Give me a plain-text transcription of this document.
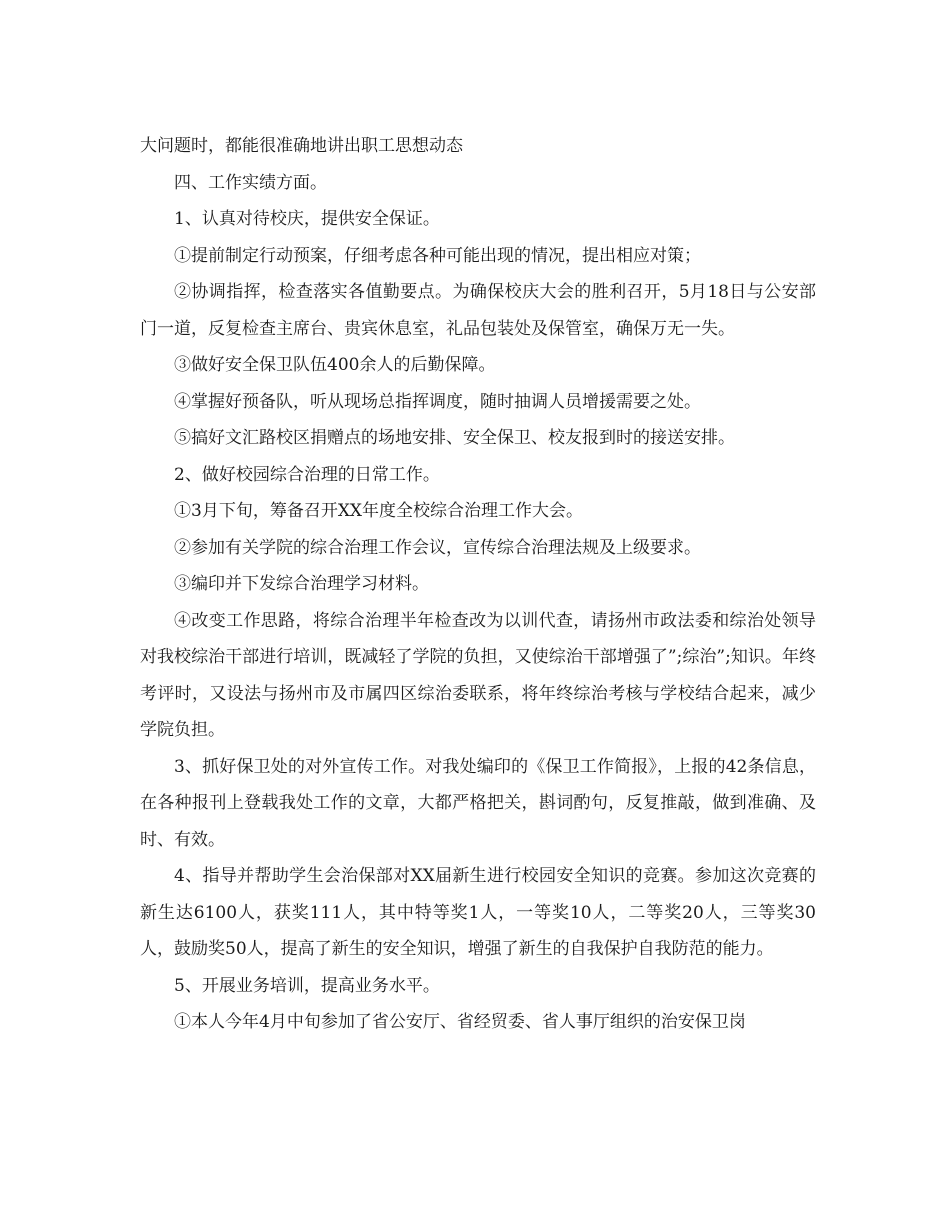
大问题时，都能很准确地讲出职工思想动态

四、工作实绩方面。

1、认真对待校庆，提供安全保证。

①提前制定行动预案，仔细考虑各种可能出现的情况，提出相应对策；

②协调指挥，检查落实各值勤要点。为确保校庆大会的胜利召开，5月18日与公安部门一道，反复检查主席台、贵宾休息室，礼品包装处及保管室，确保万无一失。

③做好安全保卫队伍400余人的后勤保障。

④掌握好预备队，听从现场总指挥调度，随时抽调人员增援需要之处。

⑤搞好文汇路校区捐赠点的场地安排、安全保卫、校友报到时的接送安排。

2、做好校园综合治理的日常工作。

①3月下旬，筹备召开XX年度全校综合治理工作大会。

②参加有关学院的综合治理工作会议，宣传综合治理法规及上级要求。

③编印并下发综合治理学习材料。

④改变工作思路，将综合治理半年检查改为以训代查，请扬州市政法委和综治处领导对我校综治干部进行培训，既减轻了学院的负担，又使综治干部增强了”;综治”;知识。年终考评时，又设法与扬州市及市属四区综治委联系，将年终综治考核与学校结合起来，减少学院负担。

3、抓好保卫处的对外宣传工作。对我处编印的《保卫工作简报》，上报的42条信息，在各种报刊上登载我处工作的文章，大都严格把关，斟词酌句，反复推敲，做到准确、及时、有效。

4、指导并帮助学生会治保部对XX届新生进行校园安全知识的竞赛。参加这次竞赛的新生达6100人，获奖111人，其中特等奖1人，一等奖10人，二等奖20人，三等奖30人，鼓励奖50人，提高了新生的安全知识，增强了新生的自我保护自我防范的能力。

5、开展业务培训，提高业务水平。

①本人今年4月中旬参加了省公安厅、省经贸委、省人事厅组织的治安保卫岗
